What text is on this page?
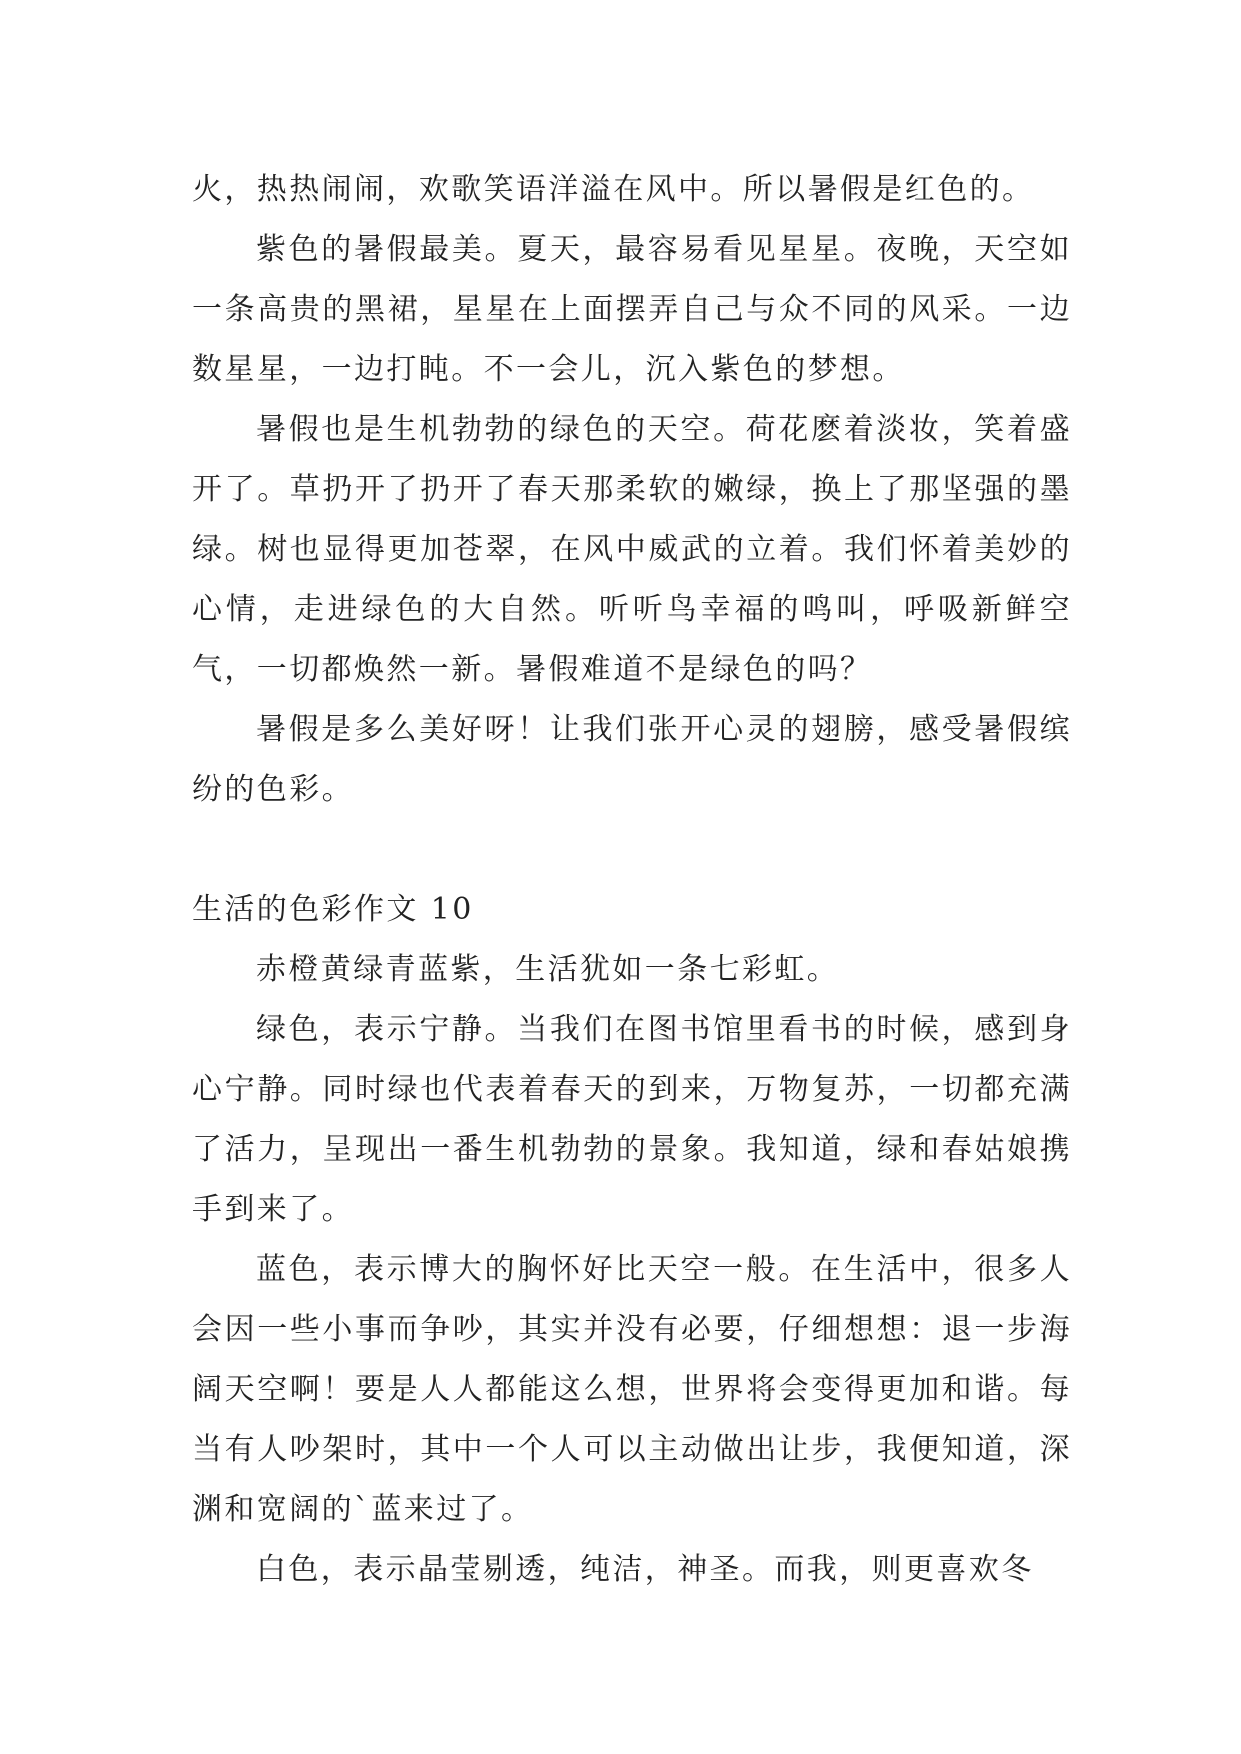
火，热热闹闹，欢歌笑语洋溢在风中。所以暑假是红色的。

紫色的暑假最美。夏天，最容易看见星星。夜晚，天空如一条高贵的黑裙，星星在上面摆弄自己与众不同的风采。一边数星星，一边打盹。不一会儿，沉入紫色的梦想。

暑假也是生机勃勃的绿色的天空。荷花麽着淡妆，笑着盛开了。草扔开了扔开了春天那柔软的嫩绿，换上了那坚强的墨绿。树也显得更加苍翠，在风中威武的立着。我们怀着美妙的心情，走进绿色的大自然。听听鸟幸福的鸣叫，呼吸新鲜空气，一切都焕然一新。暑假难道不是绿色的吗？

暑假是多么美好呀！让我们张开心灵的翅膀，感受暑假缤纷的色彩。

生活的色彩作文 10

赤橙黄绿青蓝紫，生活犹如一条七彩虹。

绿色，表示宁静。当我们在图书馆里看书的时候，感到身心宁静。同时绿也代表着春天的到来，万物复苏，一切都充满了活力，呈现出一番生机勃勃的景象。我知道，绿和春姑娘携手到来了。

蓝色，表示博大的胸怀好比天空一般。在生活中，很多人会因一些小事而争吵，其实并没有必要，仔细想想：退一步海阔天空啊！要是人人都能这么想，世界将会变得更加和谐。每当有人吵架时，其中一个人可以主动做出让步，我便知道，深渊和宽阔的`蓝来过了。

白色，表示晶莹剔透，纯洁，神圣。而我，则更喜欢冬
